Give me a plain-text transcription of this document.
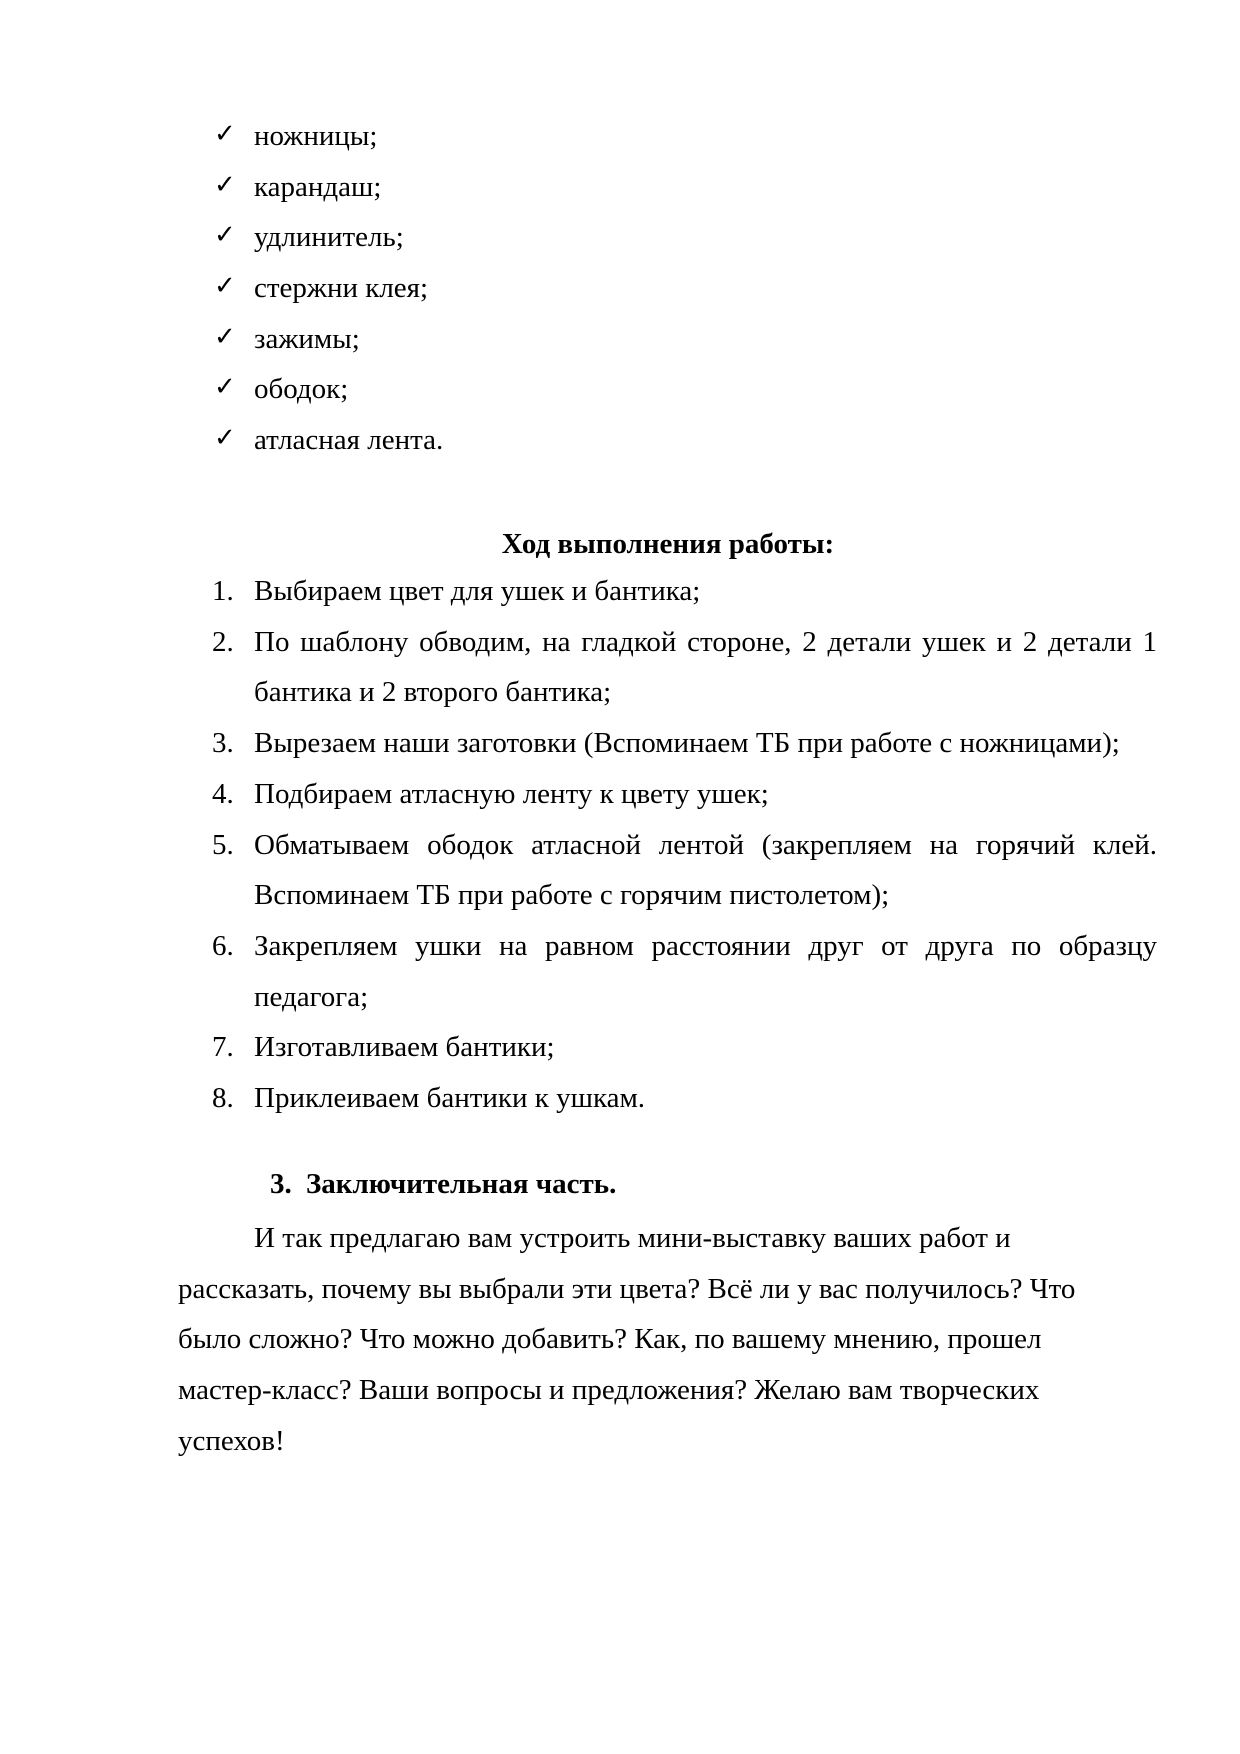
✓ ножницы;
✓ карандаш;
✓ удлинитель;
✓ стержни клея;
✓ зажимы;
✓ ободок;
✓ атласная лента.
Ход выполнения работы:
1. Выбираем цвет для ушек и бантика;
2. По шаблону обводим, на гладкой стороне, 2 детали ушек и 2 детали 1 бантика и 2 второго бантика;
3. Вырезаем наши заготовки (Вспоминаем ТБ при работе с ножницами);
4. Подбираем атласную ленту к цвету ушек;
5. Обматываем ободок атласной лентой (закрепляем на горячий клей. Вспоминаем ТБ при работе с горячим пистолетом);
6. Закрепляем ушки на равном расстоянии друг от друга по образцу педагога;
7. Изготавливаем бантики;
8. Приклеиваем бантики к ушкам.
3. Заключительная часть.
И так предлагаю вам устроить мини-выставку ваших работ и
рассказать, почему вы выбрали эти цвета? Всё ли у вас получилось? Что
было сложно? Что можно добавить? Как, по вашему мнению, прошел
мастер-класс? Ваши вопросы и предложения? Желаю вам творческих
успехов!
